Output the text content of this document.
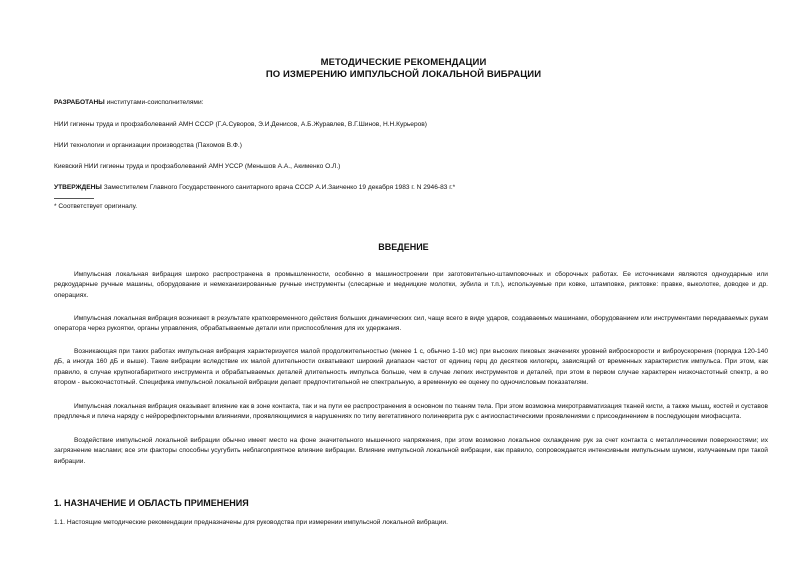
МЕТОДИЧЕСКИЕ РЕКОМЕНДАЦИИ
ПО ИЗМЕРЕНИЮ ИМПУЛЬСНОЙ ЛОКАЛЬНОЙ ВИБРАЦИИ
РАЗРАБОТАНЫ институтами-соисполнителями:
НИИ гигиены труда и профзаболеваний АМН СССР (Г.А.Суворов, Э.И.Денисов, А.Б.Журавлев, В.Г.Шинов, Н.Н.Курьеров)
НИИ технологии и организации производства (Пахомов В.Ф.)
Киевский НИИ гигиены труда и профзаболеваний АМН УССР (Меньшов А.А., Акименко О.Л.)
УТВЕРЖДЕНЫ Заместителем Главного Государственного санитарного врача СССР А.И.Заиченко 19 декабря 1983 г. N 2946-83 г.*
* Соответствует оригиналу.
ВВЕДЕНИЕ
Импульсная локальная вибрация широко распространена в промышленности, особенно в машиностроении при заготовительно-штамповочных и сборочных работах. Ее источниками являются однoударные или редкоударные ручные машины, оборудование и немеханизированные ручные инструменты (слесарные и медницкие молотки, зубила и т.п.), используемые при ковке, штамповке, риктовке: правке, выколотке, доводке и др. операциях.
Импульсная локальная вибрация возникает в результате кратковременного действия больших динамических сил, чаще всего в виде ударов, создаваемых машинами, оборудованием или инструментами передаваемых рукам оператора через рукоятки, органы управления, обрабатываемые детали или приспособления для их удержания.
Возникающая при таких работах импульсная вибрация характеризуется малой продолжительностью (менее 1 с, обычно 1-10 мс) при высоких пиковых значениях уровней виброскорости и виброускорения (порядка 120-140 дБ, а иногда 160 дБ и выше). Такие вибрации вследствие их малой длительности охватывают широкий диапазон частот от единиц герц до десятков килогерц, зависящий от временных характеристик импульса. При этом, как правило, в случае крупногабаритного инструмента и обрабатываемых деталей длительность импульса больше, чем в случае легких инструментов и деталей, при этом в первом случае характерен низкочастотный спектр, а во втором - высокочастотный. Специфика импульсной локальной вибрации делает предпочтительной не спектральную, а временную ее оценку по одночисловым показателям.
Импульсная локальная вибрация оказывает влияние как в зоне контакта, так и на пути ее распространения в основном по тканям тела. При этом возможна микротравматизация тканей кисти, а также мышц, костей и суставов предплечья и плеча наряду с нейрорефлекторными влияниями, проявляющимися в нарушениях по типу вегетативного полиневрита рук с ангиоспастическими проявлениями с присоединением в последующем миофасцита.
Воздействие импульсной локальной вибрации обычно имеет место на фоне значительного мышечного напряжения, при этом возможно локальное охлаждение рук за счет контакта с металлическими поверхностями; их загрязнение маслами; все эти факторы способны усугубить неблагоприятное влияние вибрации. Влияние импульсной локальной вибрации, как правило, сопровождается интенсивным импульсным шумом, излучаемым при такой вибрации.
1. НАЗНАЧЕНИЕ И ОБЛАСТЬ ПРИМЕНЕНИЯ
1.1. Настоящие методические рекомендации предназначены для руководства при измерении импульсной локальной вибрации.
